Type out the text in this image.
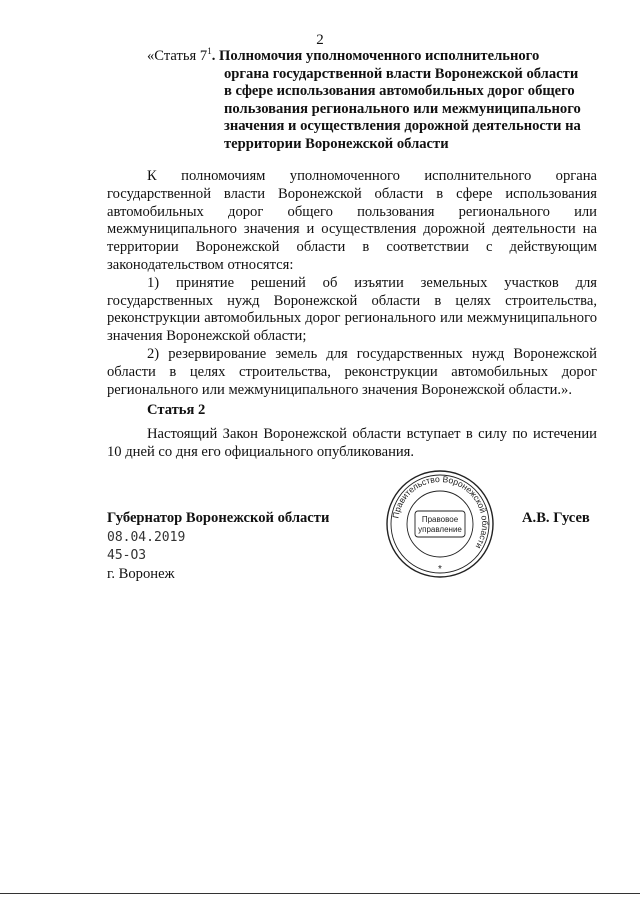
2
«Статья $7^1$. Полномочия уполномоченного исполнительного
органа государственной власти Воронежской области
в сфере использования автомобильных дорог общего
пользования регионального или межмуниципального
значения и осуществления дорожной деятельности на
территории Воронежской области

К полномочиям уполномоченного исполнительного органа государственной власти Воронежской области в сфере использования автомобильных дорог общего пользования регионального или межмуниципального значения и осуществления дорожной деятельности на территории Воронежской области в соответствии с действующим законодательством относятся:

1) принятие решений об изъятии земельных участков для государственных нужд Воронежской области в целях строительства, реконструкции автомобильных дорог регионального или межмуниципального значения Воронежской области;

2) резервирование земель для государственных нужд Воронежской области в целях строительства, реконструкции автомобильных дорог регионального или межмуниципального значения Воронежской области.».

Статья 2
Настоящий Закон Воронежской области вступает в силу по истечении 10 дней со дня его официального опубликования.
Губернатор Воронежской области	А.В. Гусев
08.04.2019
45-ОЗ
г. Воронеж
Правительство Воронежской области
Правовое
управление
*
